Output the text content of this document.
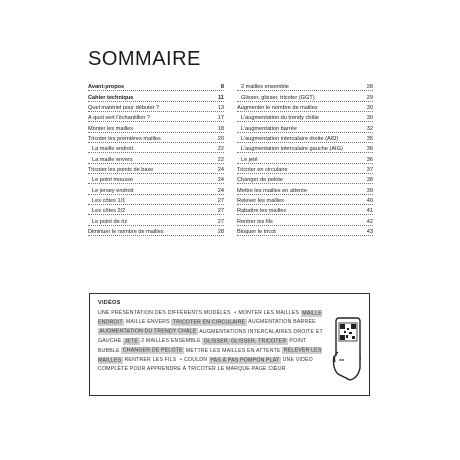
SOMMAIRE
Avant-propos	8
Cahier technique	11
Quel matériel pour débuter ?	13
À quoi sert l'échantillon ?	17
Monter les mailles	18
Tricoter les premières mailles	20
La maille endroit	22
La maille envers	22
Tricoter les points de base	24
Le point mousse	24
Le jersey endroit	24
Les côtes 1/1	27
Les côtes 2/2	27
Le point de riz	27
Diminuer le nombre de mailles	28
2 mailles ensemble	28
Glisser, glisser, tricoter (GGT)	29
Augmenter le nombre de mailles	30
L'augmentation du trendy châle	30
L'augmentation barrée	32
L'augmentation intercalaire droite (AID)	35
L'augmentation intercalaire gauche (AIG)	36
Le jeté	36
Tricoter en circulaire	37
Changer de pelote	38
Mettre les mailles en attente	39
Relever les mailles	40
Rabattre les mailles	41
Rentrer les fils	42
Bloquer le tricot	43
VIDÉOS
UNE PRÉSENTATION DES DIFFÉRENTS MODÈLES • MONTER LES MAILLES MAILLE ENDROIT MAILLE ENVERS TRICOTER EN CIRCULAIRE AUGMENTATION BARRÉE AUGMENTATION DU TRENDY CHÂLE AUGMENTATIONS INTERCALAIRES DROITE ET GAUCHE JETÉ 2 MAILLES ENSEMBLE GLISSER, GLISSER, TRICOTER POINT BUBBLE CHANGER DE PELOTE METTRE LES MAILLES EN ATTENTE RELEVER LES MAILLES RENTRER LES FILS • COULDN PAS À PAS POMPON PLAT UNE VIDÉO COMPLÈTE POUR APPRENDRE À TRICOTER LE MARQUE-PAGE CŒUR
